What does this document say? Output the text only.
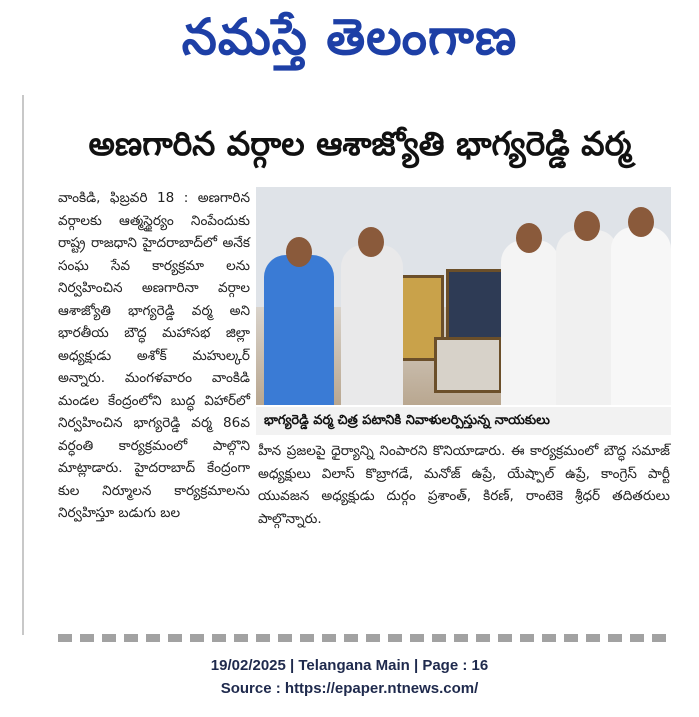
నమస్తే తెలంగాణ
అణగారిన వర్గాల ఆశాజ్యోతి భాగ్యరెడ్డి వర్మ

వాంకిడి, ఫిబ్రవరి 18 : అణగారిన వర్గాలకు ఆత్మస్థైర్యం నింపేందుకు రాష్ట్ర రాజధాని హైదరాబాద్‌లో అనేక సంఘ సేవ కార్యక్రమా లను నిర్వహించిన అణగారినా వర్గాల ఆశాజ్యోతి భాగ్యరెడ్డి వర్మ అని భారతీయ బౌద్ధ మహాసభ జిల్లా అధ్యక్షుడు అశోక్ మహుల్కర్ అన్నారు. మంగళవారం వాంకిడి మండల కేంద్రంలోని బుద్ధ విహార్‌లో నిర్వహించిన భాగ్యరెడ్డి వర్మ 86వ వర్ధంతి కార్యక్రమంలో పాల్గొని మాట్లాడారు. హైదరాబాద్ కేంద్రంగా కుల నిర్మూలన కార్యక్రమాలను నిర్వహిస్తూ బడుగు బల

భాగ్యరెడ్డి వర్మ చిత్ర పటానికి నివాళులర్పిస్తున్న నాయకులు

హీన ప్రజలపై ధైర్యాన్ని నింపారని కొనియాడారు. ఈ కార్యక్రమంలో బౌద్ధ సమాజ్ అధ్యక్షులు విలాస్ కొబ్రాగడే, మనోజ్ ఉప్రే, యేష్పాల్ ఉప్రే, కాంగ్రెస్ పార్టీ యువజన అధ్యక్షుడు దుర్గం ప్రశాంత్, కిరణ్, రాంటెకె శ్రీధర్ తదితరులు పాల్గొన్నారు.

19/02/2025 | Telangana Main | Page : 16
Source : https://epaper.ntnews.com/
